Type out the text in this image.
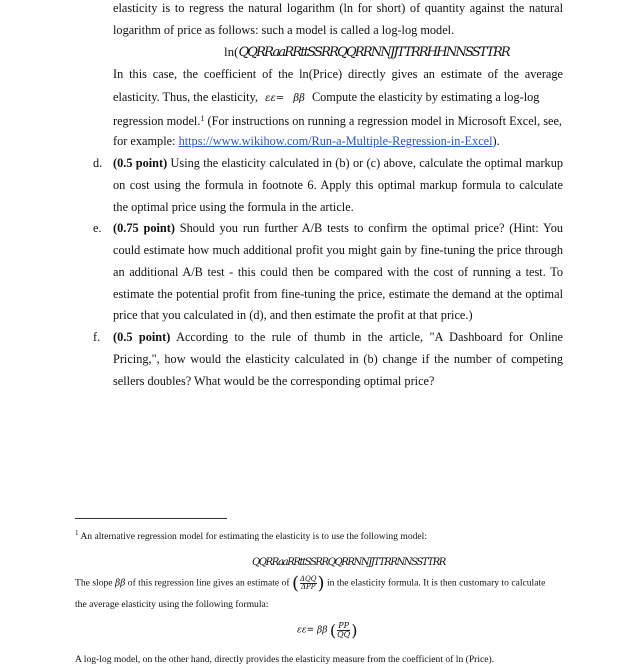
elasticity is to regress the natural logarithm (ln for short) of quantity against the natural
logarithm of price as follows: such a model is called a log-log model.
ln(QQRRaaRRttSSRRQQRRNNJJTTRRHHNNSSTTRR
In this case, the coefficient of the ln(Price) directly gives an estimate of the average
elasticity. Thus, the elasticity, εε= ββ Compute the elasticity by estimating a log-log
regression model.$^1$ (For instructions on running a regression model in Microsoft Excel, see,
for example: https://www.wikihow.com/Run-a-Multiple-Regression-in-Excel).
d. (0.5 point) Using the elasticity calculated in (b) or (c) above, calculate the optimal markup
on cost using the formula in footnote 6. Apply this optimal markup formula to calculate
the optimal price using the formula in the article.
e. (0.75 point) Should you run further A/B tests to confirm the optimal price? (Hint: You
could estimate how much additional profit you might gain by fine-tuning the price through
an additional A/B test - this could then be compared with the cost of running a test. To
estimate the potential profit from fine-tuning the price, estimate the demand at the optimal
price that you calculated in (d), and then estimate the profit at that price.)
f. (0.5 point) According to the rule of thumb in the article, "A Dashboard for Online
Pricing,", how would the elasticity calculated in (b) change if the number of competing
sellers doubles? What would be the corresponding optimal price?
$^1$ An alternative regression model for estimating the elasticity is to use the following model:
QQRRaaRRttSSRRQQRRNNJJTTRRNNSSTTRR
The slope ββ of this regression line gives an estimate of ( $\frac{\text{ΔQQ}}{\text{ΔPP}}$ ) in the elasticity formula. It is then customary to calculate
the average elasticity using the following formula:
εε= ββ ( $\frac{PP}{QQ}$ )
A log-log model, on the other hand, directly provides the elasticity measure from the coefficient of ln (Price).
